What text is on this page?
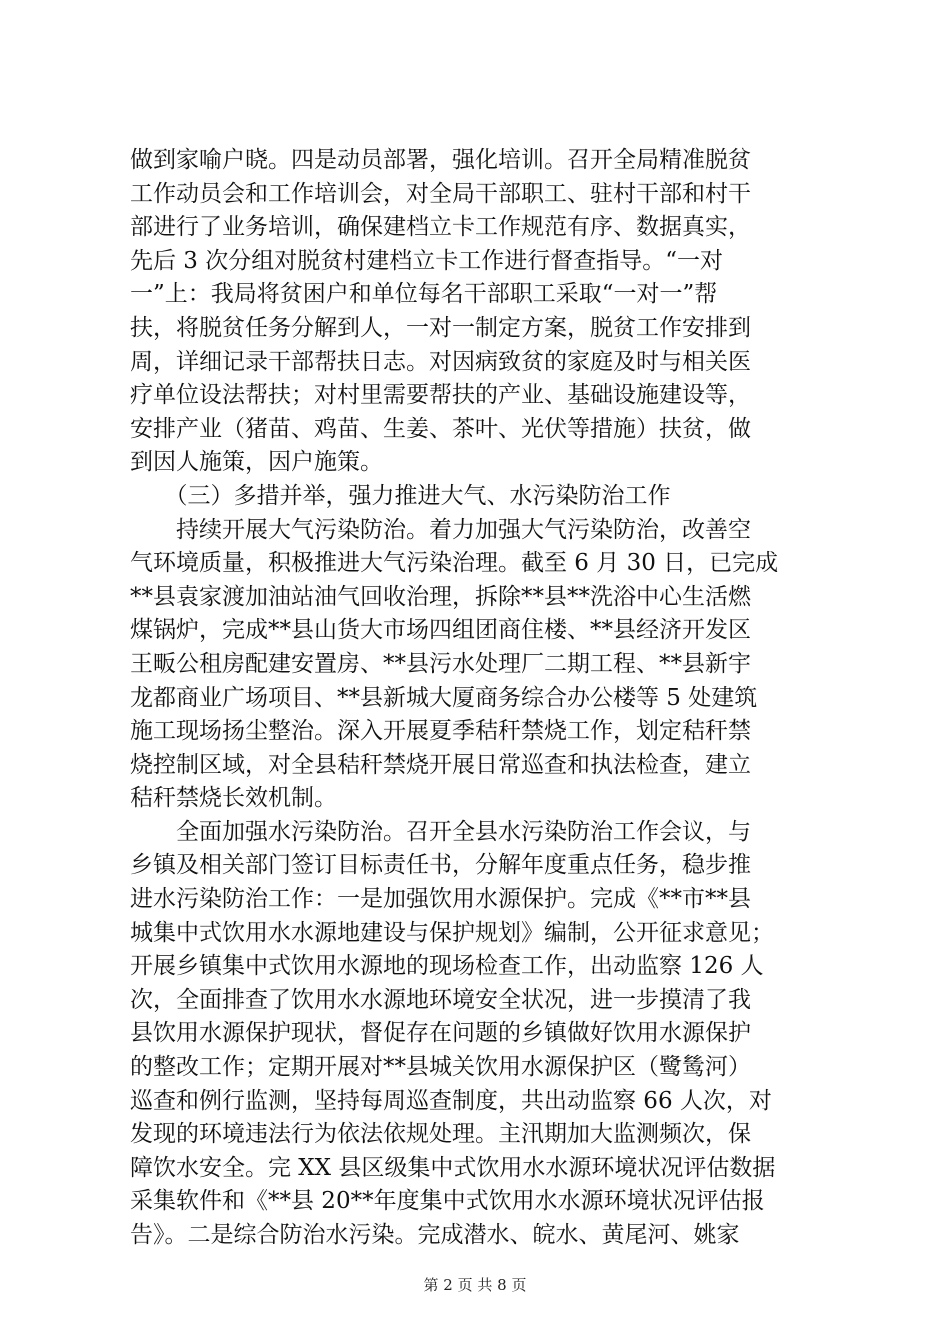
做到家喻户晓。四是动员部署，强化培训。召开全局精准脱贫
工作动员会和工作培训会，对全局干部职工、驻村干部和村干
部进行了业务培训，确保建档立卡工作规范有序、数据真实，
先后 3 次分组对脱贫村建档立卡工作进行督查指导。“一对
一”上：我局将贫困户和单位每名干部职工采取“一对一”帮
扶，将脱贫任务分解到人，一对一制定方案，脱贫工作安排到
周，详细记录干部帮扶日志。对因病致贫的家庭及时与相关医
疗单位设法帮扶；对村里需要帮扶的产业、基础设施建设等，
安排产业（猪苗、鸡苗、生姜、茶叶、光伏等措施）扶贫，做
到因人施策，因户施策。
　　（三）多措并举，强力推进大气、水污染防治工作
　　持续开展大气污染防治。着力加强大气污染防治，改善空
气环境质量，积极推进大气污染治理。截至 6 月 30 日，已完成
**县袁家渡加油站油气回收治理，拆除**县**洗浴中心生活燃
煤锅炉，完成**县山货大市场四组团商住楼、**县经济开发区
王畈公租房配建安置房、**县污水处理厂二期工程、**县新宇
龙都商业广场项目、**县新城大厦商务综合办公楼等 5 处建筑
施工现场扬尘整治。深入开展夏季秸秆禁烧工作，划定秸秆禁
烧控制区域，对全县秸秆禁烧开展日常巡查和执法检查，建立
秸秆禁烧长效机制。
　　全面加强水污染防治。召开全县水污染防治工作会议，与
乡镇及相关部门签订目标责任书，分解年度重点任务，稳步推
进水污染防治工作：一是加强饮用水源保护。完成《**市**县
城集中式饮用水水源地建设与保护规划》编制，公开征求意见；
开展乡镇集中式饮用水源地的现场检查工作，出动监察 126 人
次，全面排查了饮用水水源地环境安全状况，进一步摸清了我
县饮用水源保护现状，督促存在问题的乡镇做好饮用水源保护
的整改工作；定期开展对**县城关饮用水源保护区（鹭鸶河）
巡查和例行监测，坚持每周巡查制度，共出动监察 66 人次，对
发现的环境违法行为依法依规处理。主汛期加大监测频次，保
障饮水安全。完 XX 县区级集中式饮用水水源环境状况评估数据
采集软件和《**县 20**年度集中式饮用水水源环境状况评估报
告》。二是综合防治水污染。完成潜水、皖水、黄尾河、姚家
第 2 页 共 8 页
